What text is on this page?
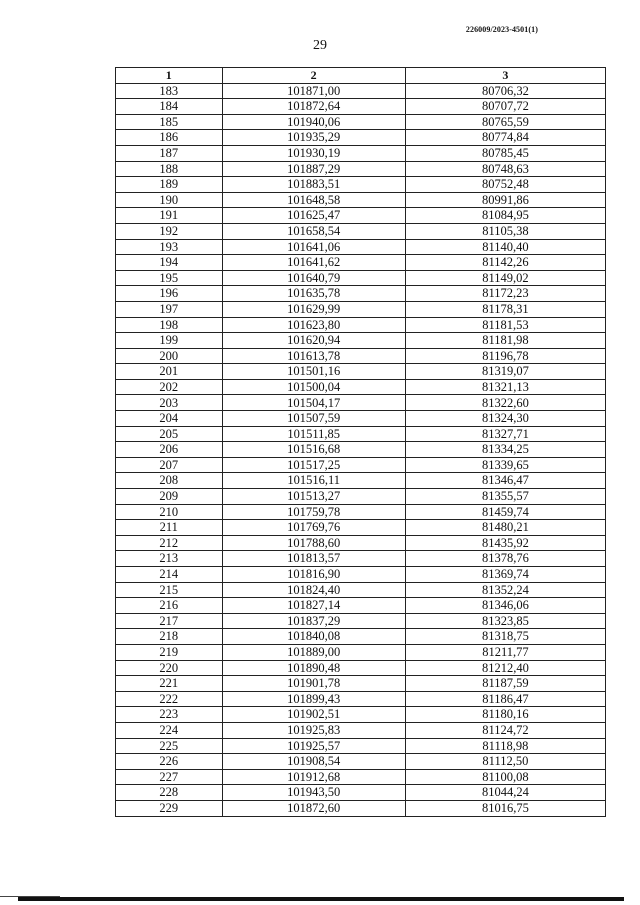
226009/2023-4501(1)
29
1	2	3
183	101871,00	80706,32
184	101872,64	80707,72
185	101940,06	80765,59
186	101935,29	80774,84
187	101930,19	80785,45
188	101887,29	80748,63
189	101883,51	80752,48
190	101648,58	80991,86
191	101625,47	81084,95
192	101658,54	81105,38
193	101641,06	81140,40
194	101641,62	81142,26
195	101640,79	81149,02
196	101635,78	81172,23
197	101629,99	81178,31
198	101623,80	81181,53
199	101620,94	81181,98
200	101613,78	81196,78
201	101501,16	81319,07
202	101500,04	81321,13
203	101504,17	81322,60
204	101507,59	81324,30
205	101511,85	81327,71
206	101516,68	81334,25
207	101517,25	81339,65
208	101516,11	81346,47
209	101513,27	81355,57
210	101759,78	81459,74
211	101769,76	81480,21
212	101788,60	81435,92
213	101813,57	81378,76
214	101816,90	81369,74
215	101824,40	81352,24
216	101827,14	81346,06
217	101837,29	81323,85
218	101840,08	81318,75
219	101889,00	81211,77
220	101890,48	81212,40
221	101901,78	81187,59
222	101899,43	81186,47
223	101902,51	81180,16
224	101925,83	81124,72
225	101925,57	81118,98
226	101908,54	81112,50
227	101912,68	81100,08
228	101943,50	81044,24
229	101872,60	81016,75
